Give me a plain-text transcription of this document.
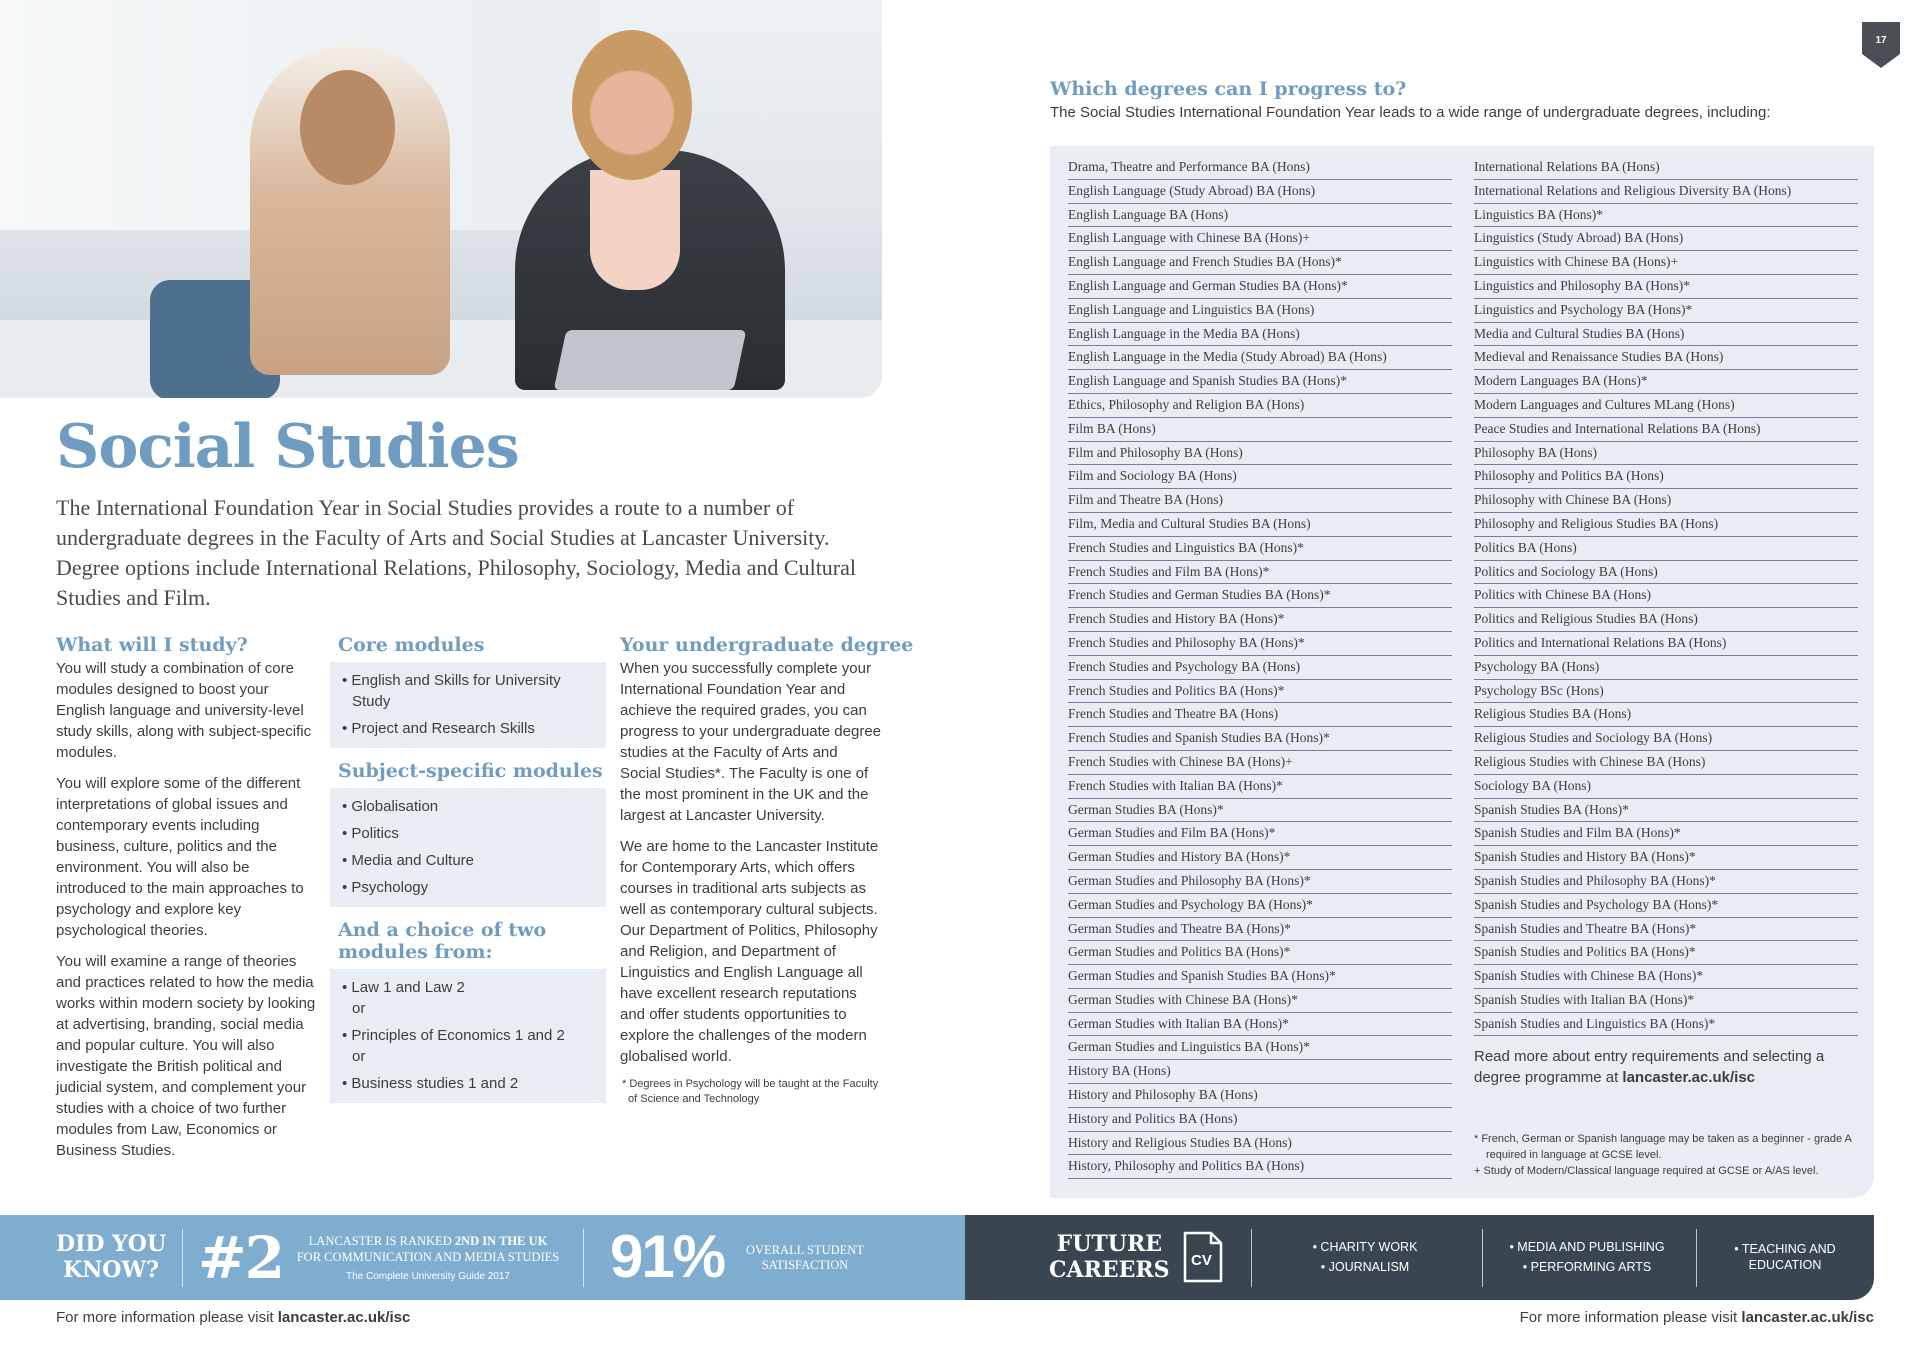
17
Social Studies

The International Foundation Year in Social Studies provides a route to a number of undergraduate degrees in the Faculty of Arts and Social Studies at Lancaster University. Degree options include International Relations, Philosophy, Sociology, Media and Cultural Studies and Film.

What will I study?

You will study a combination of core modules designed to boost your English language and university-level study skills, along with subject-specific modules.

You will explore some of the different interpretations of global issues and contemporary events including business, culture, politics and the environment. You will also be introduced to the main approaches to psychology and explore key psychological theories.

You will examine a range of theories and practices related to how the media works within modern society by looking at advertising, branding, social media and popular culture. You will also investigate the British political and judicial system, and complement your studies with a choice of two further modules from Law, Economics or Business Studies.

Core modules
• English and Skills for University Study
• Project and Research Skills
Subject-specific modules
• Globalisation
• Politics
• Media and Culture
• Psychology
And a choice of two modules from:
• Law 1 and Law 2
or
• Principles of Economics 1 and 2
or
• Business studies 1 and 2
Your undergraduate degree

When you successfully complete your International Foundation Year and achieve the required grades, you can progress to your undergraduate degree studies at the Faculty of Arts and Social Studies*. The Faculty is one of the most prominent in the UK and the largest at Lancaster University.

We are home to the Lancaster Institute for Contemporary Arts, which offers courses in traditional arts subjects as well as contemporary cultural subjects. Our Department of Politics, Philosophy and Religion, and Department of Linguistics and English Language all have excellent research reputations and offer students opportunities to explore the challenges of the modern globalised world.

* Degrees in Psychology will be taught at the Faculty of Science and Technology

Which degrees can I progress to?
The Social Studies International Foundation Year leads to a wide range of undergraduate degrees, including:
Drama, Theatre and Performance BA (Hons)
English Language (Study Abroad) BA (Hons)
English Language BA (Hons)
English Language with Chinese BA (Hons)+
English Language and French Studies BA (Hons)*
English Language and German Studies BA (Hons)*
English Language and Linguistics BA (Hons)
English Language in the Media BA (Hons)
English Language in the Media (Study Abroad) BA (Hons)
English Language and Spanish Studies BA (Hons)*
Ethics, Philosophy and Religion BA (Hons)
Film BA (Hons)
Film and Philosophy BA (Hons)
Film and Sociology BA (Hons)
Film and Theatre BA (Hons)
Film, Media and Cultural Studies BA (Hons)
French Studies and Linguistics BA (Hons)*
French Studies and Film BA (Hons)*
French Studies and German Studies BA (Hons)*
French Studies and History BA (Hons)*
French Studies and Philosophy BA (Hons)*
French Studies and Psychology BA (Hons)
French Studies and Politics BA (Hons)*
French Studies and Theatre BA (Hons)
French Studies and Spanish Studies BA (Hons)*
French Studies with Chinese BA (Hons)+
French Studies with Italian BA (Hons)*
German Studies BA (Hons)*
German Studies and Film BA (Hons)*
German Studies and History BA (Hons)*
German Studies and Philosophy BA (Hons)*
German Studies and Psychology BA (Hons)*
German Studies and Theatre BA (Hons)*
German Studies and Politics BA (Hons)*
German Studies and Spanish Studies BA (Hons)*
German Studies with Chinese BA (Hons)*
German Studies with Italian BA (Hons)*
German Studies and Linguistics BA (Hons)*
History BA (Hons)
History and Philosophy BA (Hons)
History and Politics BA (Hons)
History and Religious Studies BA (Hons)
History, Philosophy and Politics BA (Hons)
International Relations BA (Hons)
International Relations and Religious Diversity BA (Hons)
Linguistics BA (Hons)*
Linguistics (Study Abroad) BA (Hons)
Linguistics with Chinese BA (Hons)+
Linguistics and Philosophy BA (Hons)*
Linguistics and Psychology BA (Hons)*
Media and Cultural Studies BA (Hons)
Medieval and Renaissance Studies BA (Hons)
Modern Languages BA (Hons)*
Modern Languages and Cultures MLang (Hons)
Peace Studies and International Relations BA (Hons)
Philosophy BA (Hons)
Philosophy and Politics BA (Hons)
Philosophy with Chinese BA (Hons)
Philosophy and Religious Studies BA (Hons)
Politics BA (Hons)
Politics and Sociology BA (Hons)
Politics with Chinese BA (Hons)
Politics and Religious Studies BA (Hons)
Politics and International Relations BA (Hons)
Psychology BA (Hons)
Psychology BSc (Hons)
Religious Studies BA (Hons)
Religious Studies and Sociology BA (Hons)
Religious Studies with Chinese BA (Hons)
Sociology BA (Hons)
Spanish Studies BA (Hons)*
Spanish Studies and Film BA (Hons)*
Spanish Studies and History BA (Hons)*
Spanish Studies and Philosophy BA (Hons)*
Spanish Studies and Psychology BA (Hons)*
Spanish Studies and Theatre BA (Hons)*
Spanish Studies and Politics BA (Hons)*
Spanish Studies with Chinese BA (Hons)*
Spanish Studies with Italian BA (Hons)*
Spanish Studies and Linguistics BA (Hons)*
Read more about entry requirements and selecting a degree programme at lancaster.ac.uk/isc
* French, German or Spanish language may be taken as a beginner - grade A required in language at GCSE level.
+ Study of Modern/Classical language required at GCSE or A/AS level.
DID YOU
KNOW? #2	LANCASTER IS RANKED 2ND IN THE UK
FOR COMMUNICATION AND MEDIA STUDIES
The Complete University Guide 2017	91%	OVERALL STUDENT
SATISFACTION
FUTURE
CAREERS CV
• CHARITY WORK
• JOURNALISM
• MEDIA AND PUBLISHING
• PERFORMING ARTS
• TEACHING AND
EDUCATION
For more information please visit lancaster.ac.uk/isc	For more information please visit lancaster.ac.uk/isc
